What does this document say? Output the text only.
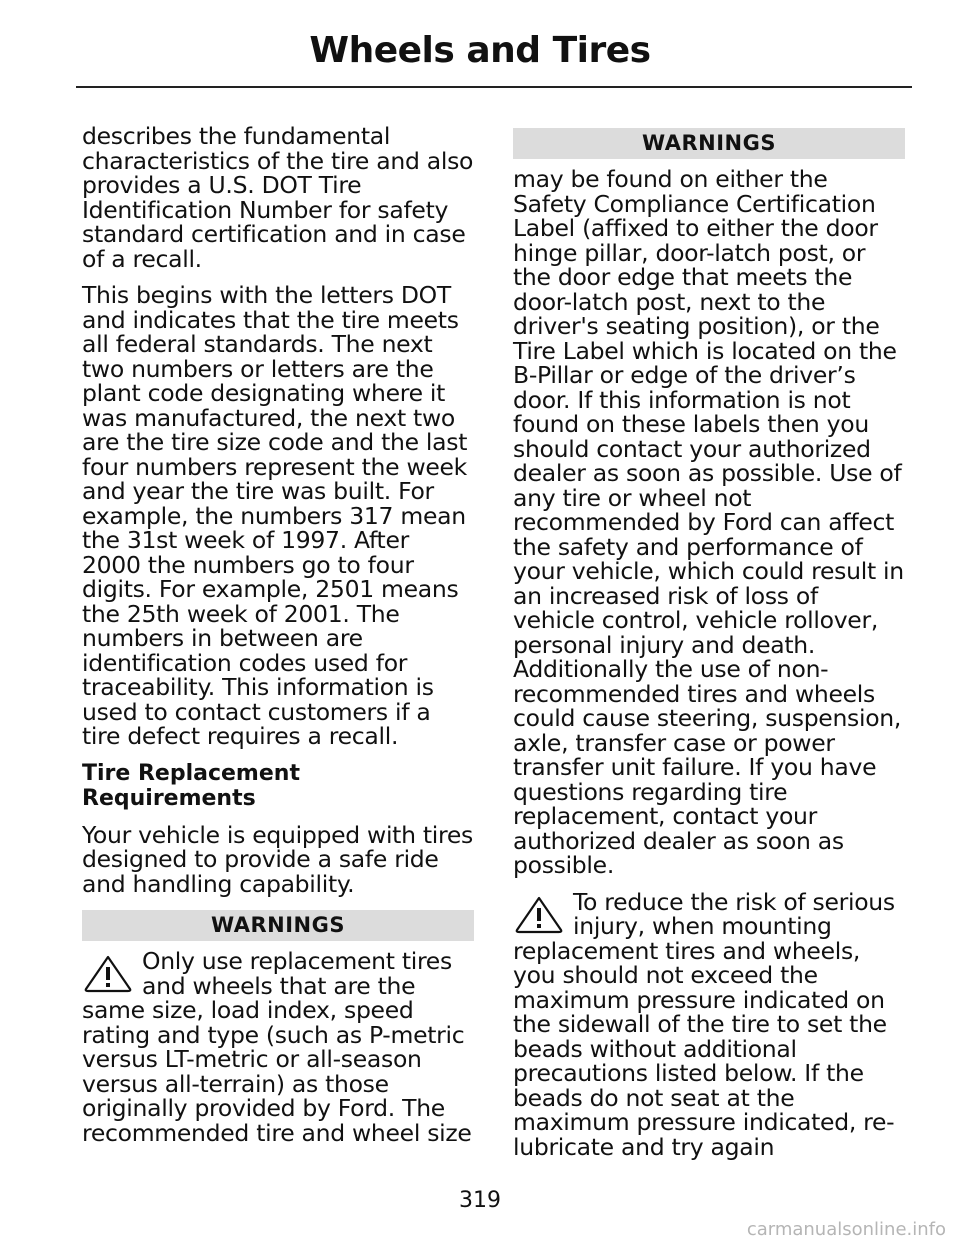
Wheels and Tires

describes the fundamental characteristics of the tire and also provides a U.S. DOT Tire Identification Number for safety standard certification and in case of a recall.

This begins with the letters DOT and indicates that the tire meets all federal standards. The next two numbers or letters are the plant code designating where it was manufactured, the next two are the tire size code and the last four numbers represent the week and year the tire was built. For example, the numbers 317 mean the 31st week of 1997. After 2000 the numbers go to four digits. For example, 2501 means the 25th week of 2001. The numbers in between are identification codes used for traceability. This information is used to contact customers if a tire defect requires a recall.

Tire Replacement Requirements

Your vehicle is equipped with tires designed to provide a safe ride and handling capability.

WARNINGS
Only use replacement tires and wheels that are the same size, load index, speed rating and type (such as P-metric versus LT-metric or all-season versus all-terrain) as those originally provided by Ford. The recommended tire and wheel size
WARNINGS

may be found on either the Safety Compliance Certification Label (affixed to either the door hinge pillar, door-latch post, or the door edge that meets the door-latch post, next to the driver's seating position), or the Tire Label which is located on the B-Pillar or edge of the driver’s door. If this information is not found on these labels then you should contact your authorized dealer as soon as possible. Use of any tire or wheel not recommended by Ford can affect the safety and performance of your vehicle, which could result in an increased risk of loss of vehicle control, vehicle rollover, personal injury and death. Additionally the use of non-recommended tires and wheels could cause steering, suspension, axle, transfer case or power transfer unit failure. If you have questions regarding tire replacement, contact your authorized dealer as soon as possible.

To reduce the risk of serious injury, when mounting replacement tires and wheels, you should not exceed the maximum pressure indicated on the sidewall of the tire to set the beads without additional precautions listed below. If the beads do not seat at the maximum pressure indicated, re-lubricate and try again
319
carmanualsonline.info
